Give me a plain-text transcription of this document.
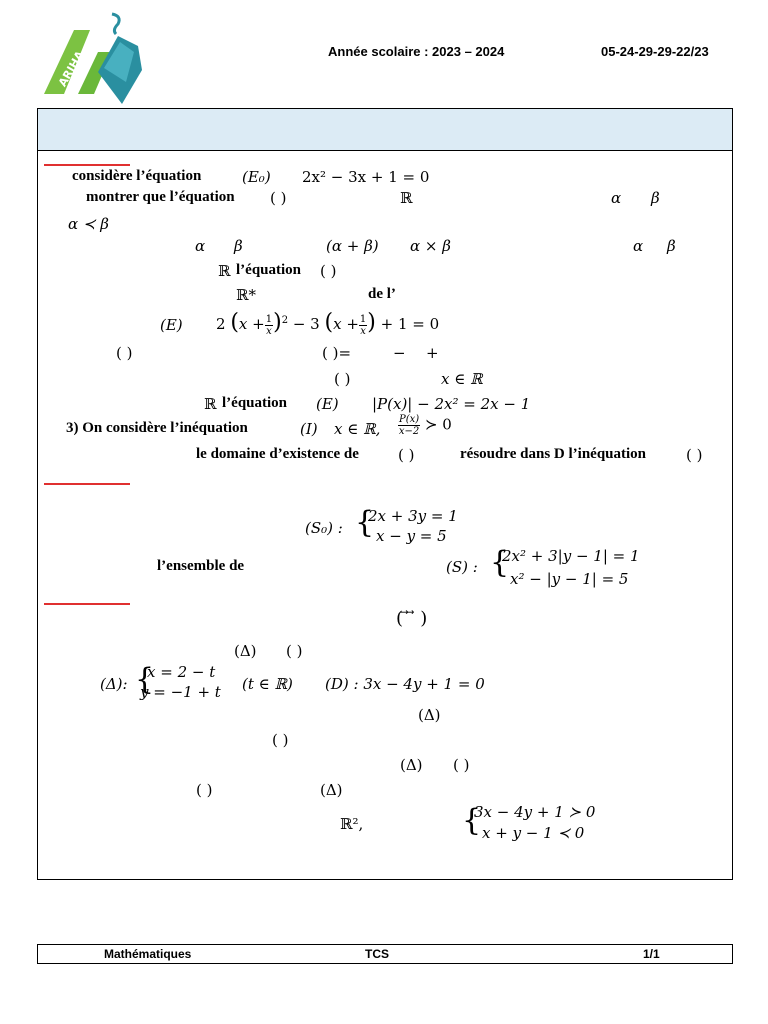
ARIHA	Année scolaire : 2023 – 2024	05-24-29-29-22/23
considère l’équation	(E₀) 2x² − 3x + 1 = 0
montrer que l’équation ( )	ℝ	α β
α ≺ β
α β	(α + β) α × β	α β
ℝ l’équation ( )
ℝ*	de l’
(E) 2 $(x + \frac{1}{x} )^2 - 3$ ($x + \frac{1}{x}$ ) + 1 = 0
( )	( )=	− +
( )	x ∈ ℝ
ℝ l’équation (E) |P(x)| − 2x² = 2x − 1
3) On considère l’inéquation	(I) x ∈ ℝ, $\frac{P(x)}{x-2}$ ≻ 0
le domaine d’existence de	( )	résoudre dans D l’inéquation	( )
(S₀) : {
2x + 3y = 1
x − y = 5
l’ensemble de	(S) : {
2x² + 3|y − 1| = 1
x² − |y − 1| = 5
( ⃗ ⃗ )
(Δ) ( )
(Δ): {
x = 2 − t
y = −1 + t (t ∈ ℝ) (D) : 3x − 4y + 1 = 0
(Δ)
( )
(Δ) ( )
( )	(Δ)
ℝ²,	{
3x − 4y + 1 ≻ 0
x + y − 1 ≺ 0
Mathématiques	TCS	1/1
